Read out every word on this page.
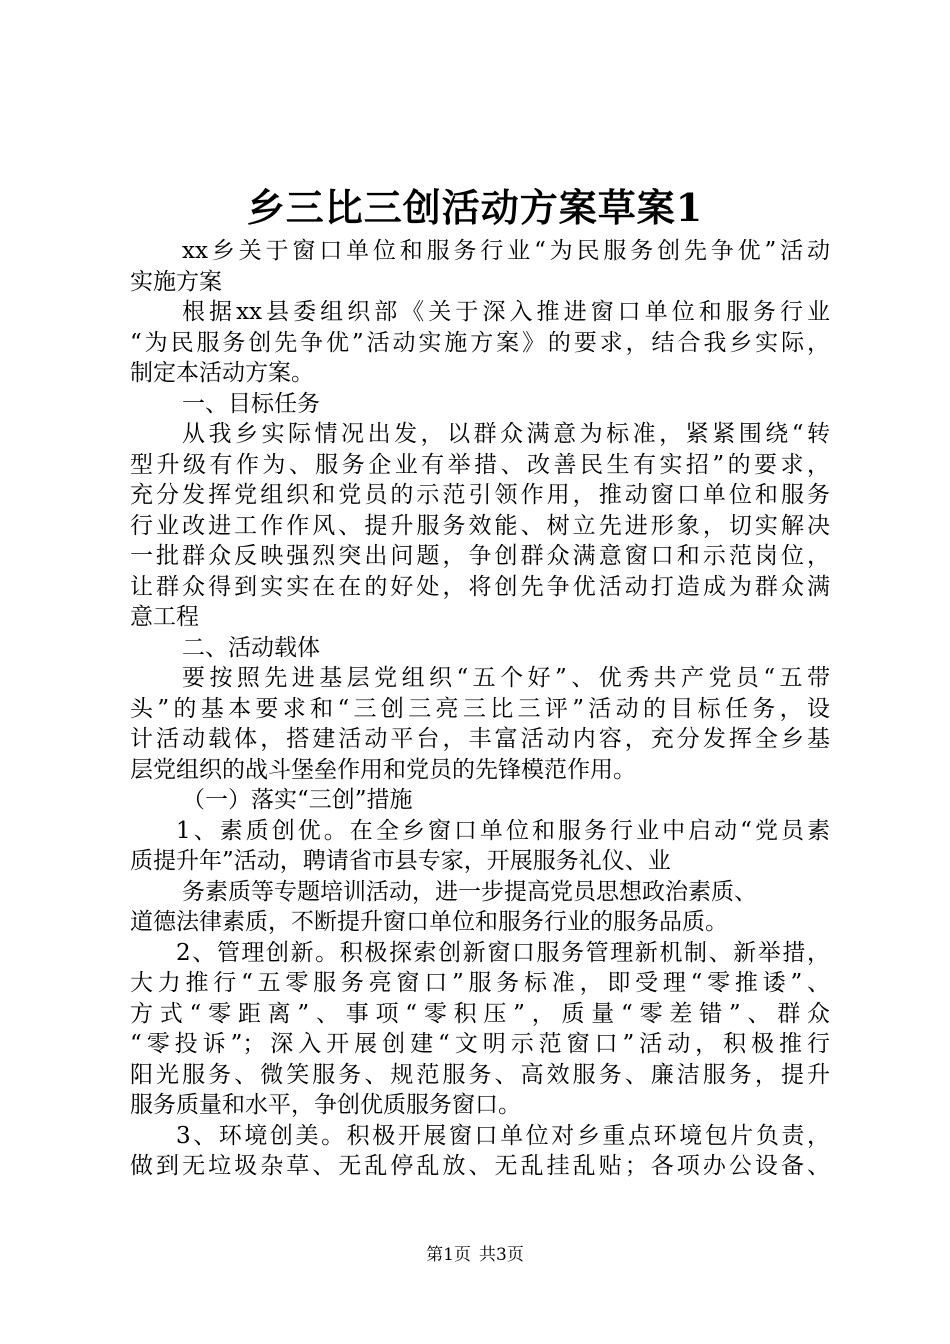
乡三比三创活动方案草案1
xx乡关于窗口单位和服务行业“为民服务创先争优”活动
实施方案
根据xx县委组织部《关于深入推进窗口单位和服务行业
“为民服务创先争优”活动实施方案》的要求，结合我乡实际，
制定本活动方案。
一、目标任务
从我乡实际情况出发，以群众满意为标准，紧紧围绕“转
型升级有作为、服务企业有举措、改善民生有实招”的要求，
充分发挥党组织和党员的示范引领作用，推动窗口单位和服务
行业改进工作作风、提升服务效能、树立先进形象，切实解决
一批群众反映强烈突出问题，争创群众满意窗口和示范岗位，
让群众得到实实在在的好处，将创先争优活动打造成为群众满
意工程
二、活动载体
要按照先进基层党组织“五个好”、优秀共产党员“五带
头”的基本要求和“三创三亮三比三评”活动的目标任务，设
计活动载体，搭建活动平台，丰富活动内容，充分发挥全乡基
层党组织的战斗堡垒作用和党员的先锋模范作用。
（一）落实“三创”措施
1、素质创优。在全乡窗口单位和服务行业中启动“党员素
质提升年”活动，聘请省市县专家，开展服务礼仪、业
务素质等专题培训活动，进一步提高党员思想政治素质、
道德法律素质，不断提升窗口单位和服务行业的服务品质。
2、管理创新。积极探索创新窗口服务管理新机制、新举措，
大力推行“五零服务亮窗口”服务标准，即受理“零推诿”、
方式“零距离”、事项“零积压”，质量“零差错”、群众
“零投诉”；深入开展创建“文明示范窗口”活动，积极推行
阳光服务、微笑服务、规范服务、高效服务、廉洁服务，提升
服务质量和水平，争创优质服务窗口。
3、环境创美。积极开展窗口单位对乡重点环境包片负责，
做到无垃圾杂草、无乱停乱放、无乱挂乱贴；各项办公设备、
第1页 共3页
